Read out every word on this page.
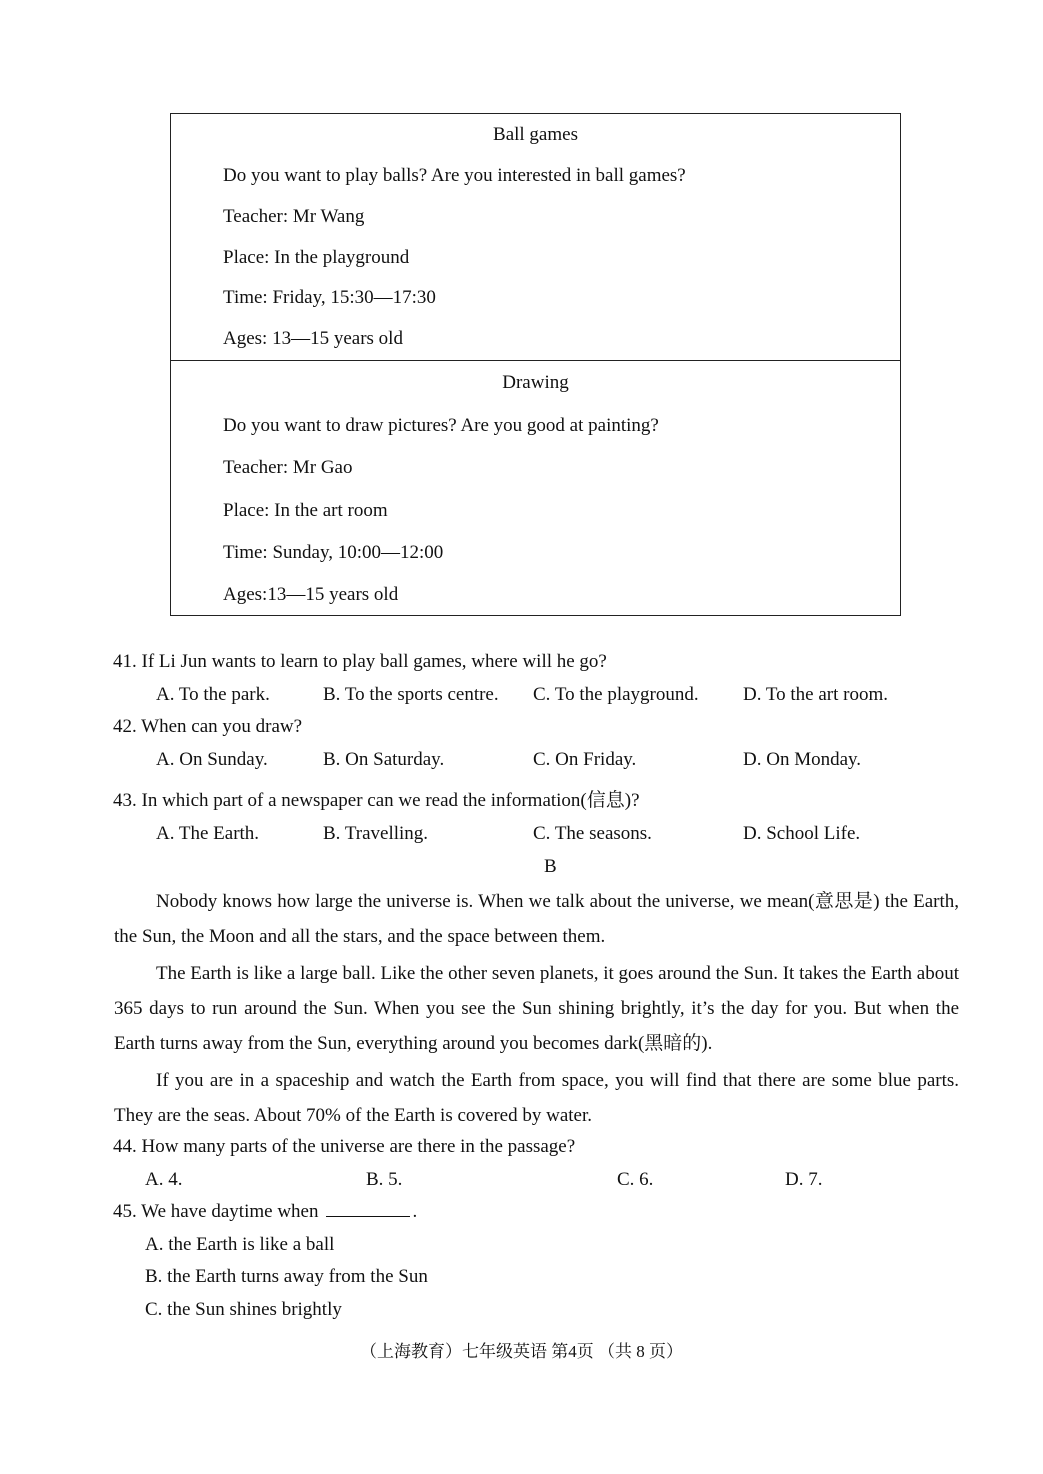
Ball games
Do you want to play balls? Are you interested in ball games?
Teacher: Mr Wang
Place: In the playground
Time: Friday, 15:30—17:30
Ages: 13—15 years old
Drawing
Do you want to draw pictures? Are you good at painting?
Teacher: Mr Gao
Place: In the art room
Time: Sunday, 10:00—12:00
Ages:13—15 years old
41. If Li Jun wants to learn to play ball games, where will he go?
A. To the park.	B. To the sports centre. C. To the playground. D. To the art room.
42. When can you draw?
A. On Sunday.	B. On Saturday.	C. On Friday.	D. On Monday.
43. In which part of a newspaper can we read the information(信息)?
A. The Earth.	B. Travelling.	C. The seasons.	D. School Life.
B
Nobody knows how large the universe is. When we talk about the universe, we mean(意思是) the Earth, the Sun, the Moon and all the stars, and the space between them.
The Earth is like a large ball. Like the other seven planets, it goes around the Sun. It takes the Earth about 365 days to run around the Sun. When you see the Sun shining brightly, it’s the day for you. But when the Earth turns away from the Sun, everything around you becomes dark(黑暗的).
If you are in a spaceship and watch the Earth from space, you will find that there are some blue parts. They are the seas. About 70% of the Earth is covered by water.
44. How many parts of the universe are there in the passage?
A. 4.	B. 5.	C. 6.	D. 7.
45. We have daytime when	.
A. the Earth is like a ball
B. the Earth turns away from the Sun
C. the Sun shines brightly
（上海教育）七年级英语 第4页 （共 8 页）
